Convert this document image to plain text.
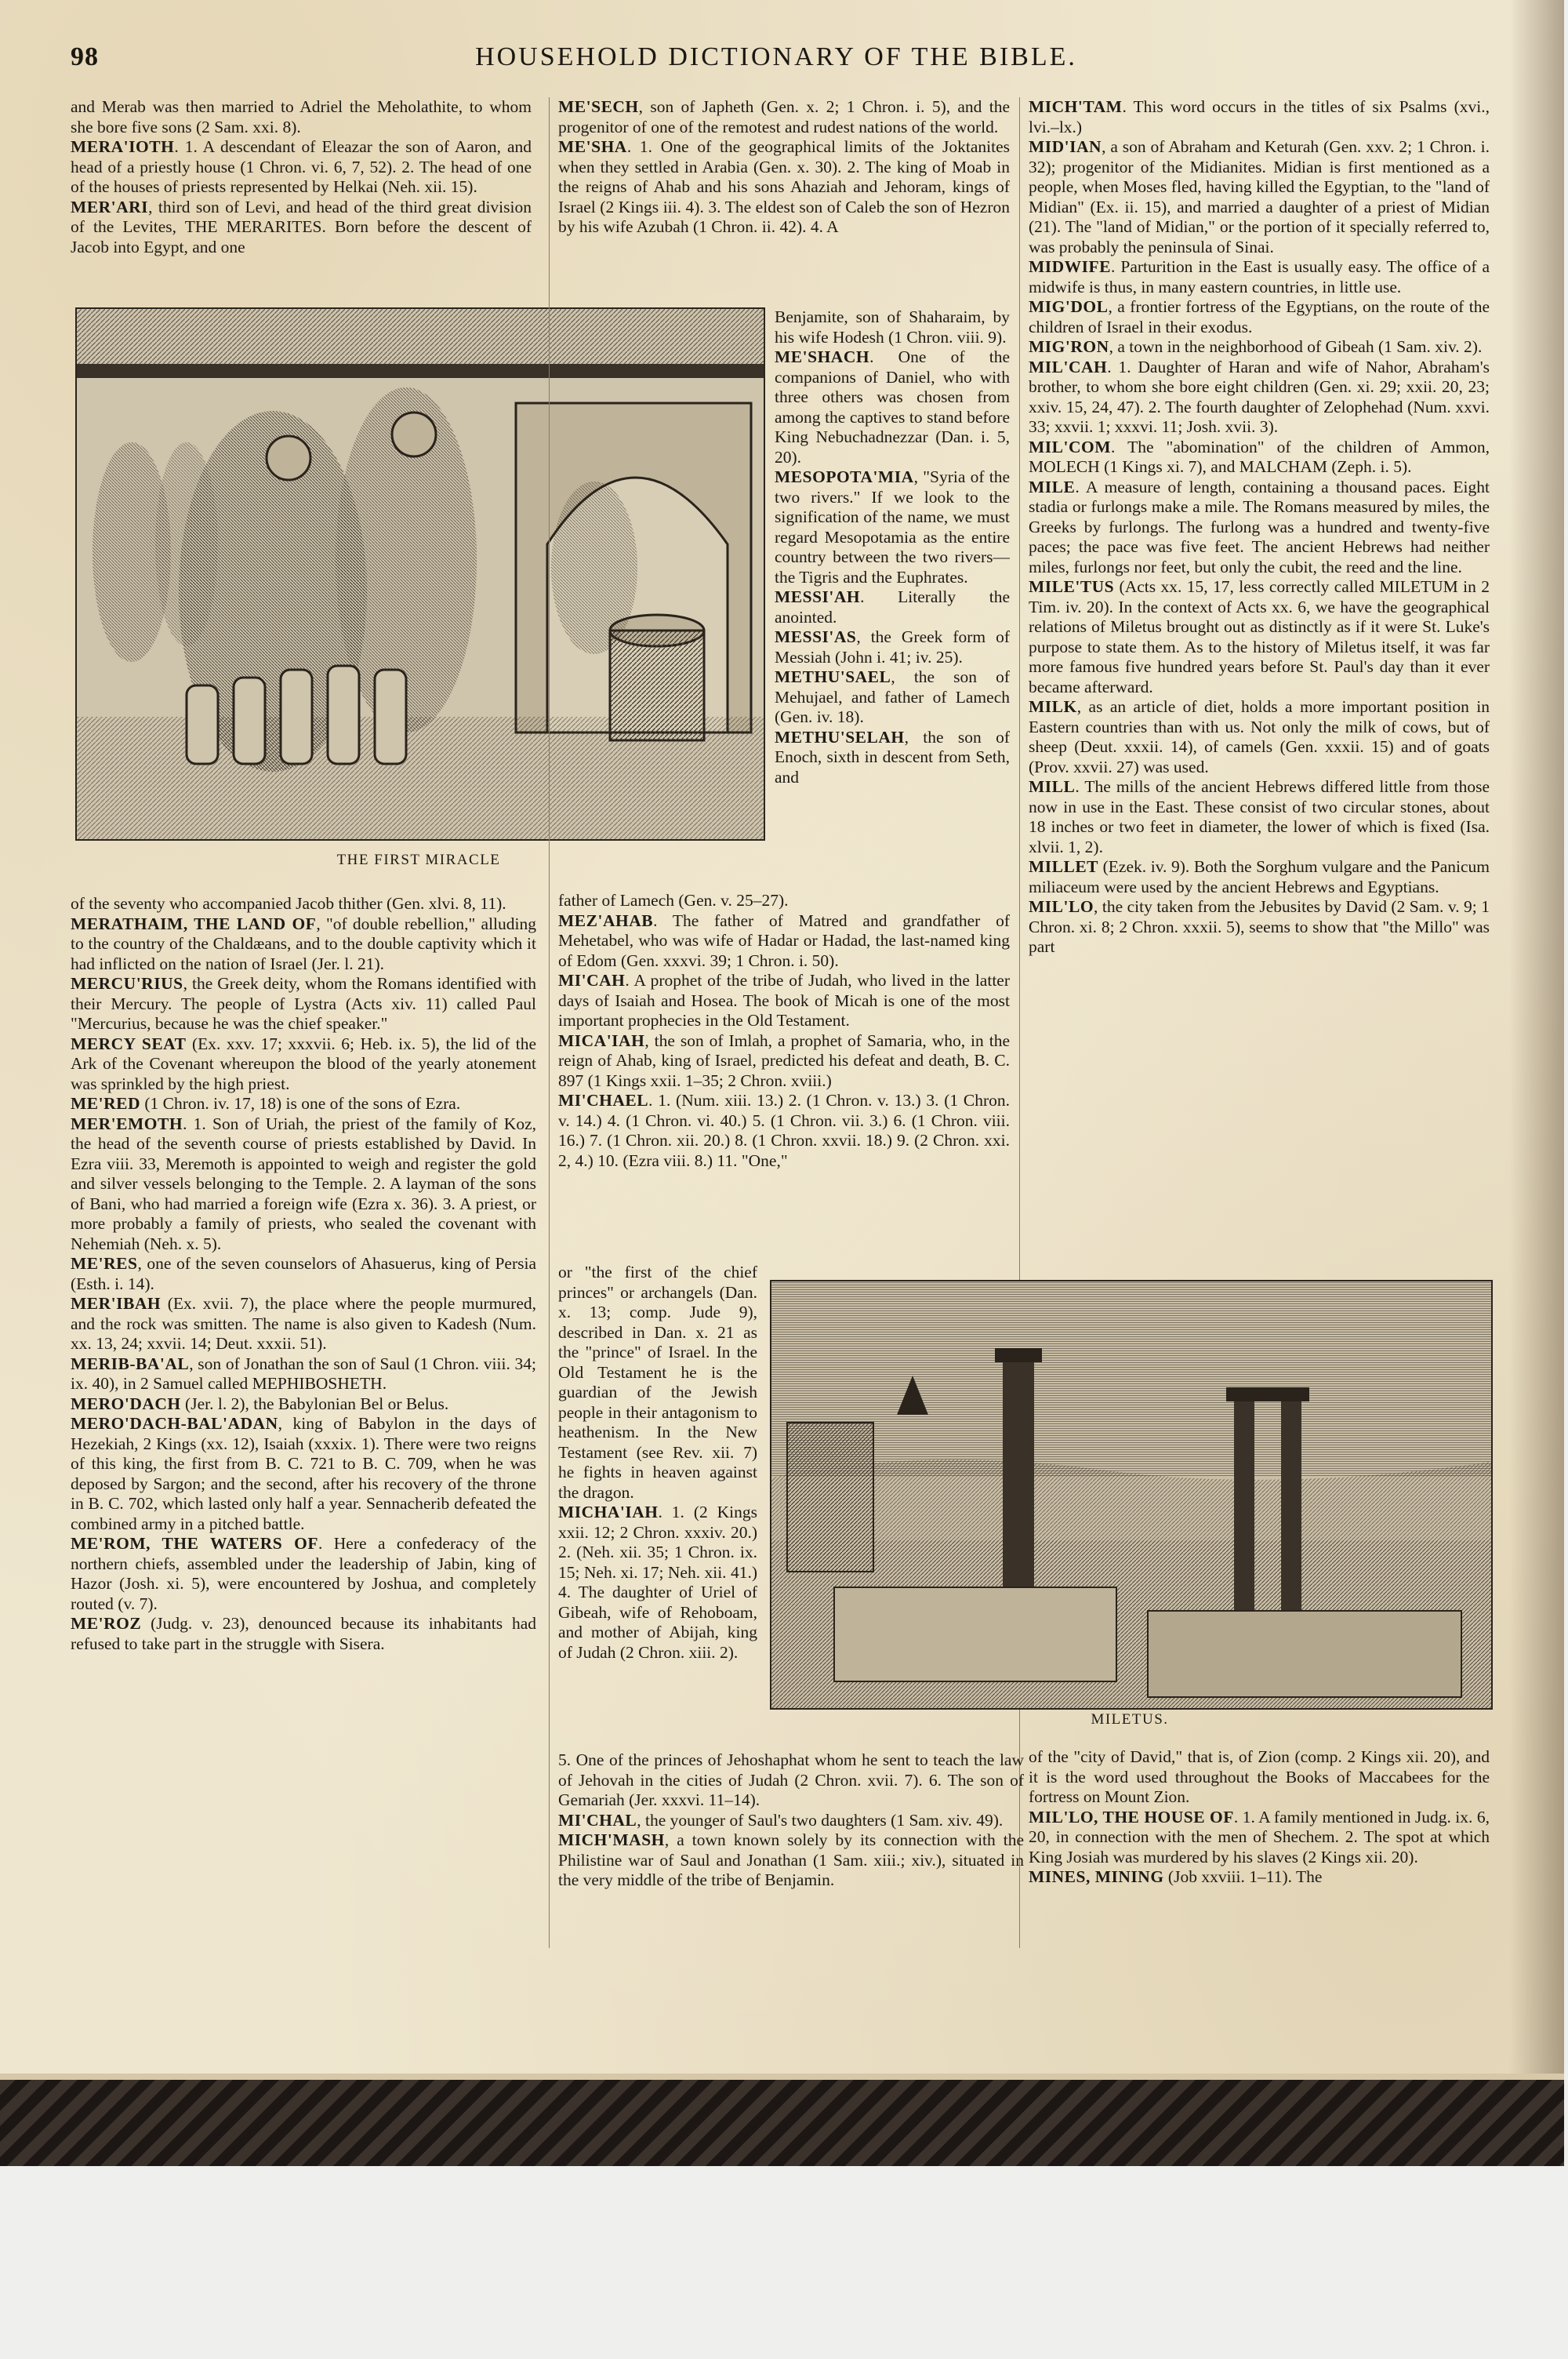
98	HOUSEHOLD DICTIONARY OF THE BIBLE.

and Merab was then married to Adriel the Meholathite, to whom she bore five sons (2 Sam. xxi. 8).

MERA'IOTH. 1. A descendant of Eleazar the son of Aaron, and head of a priestly house (1 Chron. vi. 6, 7, 52). 2. The head of one of the houses of priests represented by Helkai (Neh. xii. 15).

MER'ARI, third son of Levi, and head of the third great division of the Levites, THE MERARITES. Born before the descent of Jacob into Egypt, and one

THE FIRST MIRACLE

of the seventy who accompanied Jacob thither (Gen. xlvi. 8, 11).

MERATHAIM, THE LAND OF, "of double rebellion," alluding to the country of the Chaldæans, and to the double captivity which it had inflicted on the nation of Israel (Jer. l. 21).

MERCU'RIUS, the Greek deity, whom the Romans identified with their Mercury. The people of Lystra (Acts xiv. 11) called Paul "Mercurius, because he was the chief speaker."

MERCY SEAT (Ex. xxv. 17; xxxvii. 6; Heb. ix. 5), the lid of the Ark of the Covenant whereupon the blood of the yearly atonement was sprinkled by the high priest.

ME'RED (1 Chron. iv. 17, 18) is one of the sons of Ezra.

MER'EMOTH. 1. Son of Uriah, the priest of the family of Koz, the head of the seventh course of priests established by David. In Ezra viii. 33, Meremoth is appointed to weigh and register the gold and silver vessels belonging to the Temple. 2. A layman of the sons of Bani, who had married a foreign wife (Ezra x. 36). 3. A priest, or more probably a family of priests, who sealed the covenant with Nehemiah (Neh. x. 5).

ME'RES, one of the seven counselors of Ahasuerus, king of Persia (Esth. i. 14).

MER'IBAH (Ex. xvii. 7), the place where the people murmured, and the rock was smitten. The name is also given to Kadesh (Num. xx. 13, 24; xxvii. 14; Deut. xxxii. 51).

MERIB-BA'AL, son of Jonathan the son of Saul (1 Chron. viii. 34; ix. 40), in 2 Samuel called MEPHIBOSHETH.

MERO'DACH (Jer. l. 2), the Babylonian Bel or Belus.

MERO'DACH-BAL'ADAN, king of Babylon in the days of Hezekiah, 2 Kings (xx. 12), Isaiah (xxxix. 1). There were two reigns of this king, the first from B. C. 721 to B. C. 709, when he was deposed by Sargon; and the second, after his recovery of the throne in B. C. 702, which lasted only half a year. Sennacherib defeated the combined army in a pitched battle.

ME'ROM, THE WATERS OF. Here a confederacy of the northern chiefs, assembled under the leadership of Jabin, king of Hazor (Josh. xi. 5), were encountered by Joshua, and completely routed (v. 7).

ME'ROZ (Judg. v. 23), denounced because its inhabitants had refused to take part in the struggle with Sisera.

ME'SECH, son of Japheth (Gen. x. 2; 1 Chron. i. 5), and the progenitor of one of the remotest and rudest nations of the world.

ME'SHA. 1. One of the geographical limits of the Joktanites when they settled in Arabia (Gen. x. 30). 2. The king of Moab in the reigns of Ahab and his sons Ahaziah and Jehoram, kings of Israel (2 Kings iii. 4). 3. The eldest son of Caleb the son of Hezron by his wife Azubah (1 Chron. ii. 42). 4. A

Benjamite, son of Shaharaim, by his wife Hodesh (1 Chron. viii. 9).

ME'SHACH. One of the companions of Daniel, who with three others was chosen from among the captives to stand before King Nebuchadnezzar (Dan. i. 5, 20).

MESOPOTA'MIA, "Syria of the two rivers." If we look to the signification of the name, we must regard Mesopotamia as the entire country between the two rivers—the Tigris and the Euphrates.

MESSI'AH. Literally the anointed.

MESSI'AS, the Greek form of Messiah (John i. 41; iv. 25).

METHU'SAEL, the son of Mehujael, and father of Lamech (Gen. iv. 18).

METHU'SELAH, the son of Enoch, sixth in descent from Seth, and

father of Lamech (Gen. v. 25–27).

MEZ'AHAB. The father of Matred and grandfather of Mehetabel, who was wife of Hadar or Hadad, the last-named king of Edom (Gen. xxxvi. 39; 1 Chron. i. 50).

MI'CAH. A prophet of the tribe of Judah, who lived in the latter days of Isaiah and Hosea. The book of Micah is one of the most important prophecies in the Old Testament.

MICA'IAH, the son of Imlah, a prophet of Samaria, who, in the reign of Ahab, king of Israel, predicted his defeat and death, B. C. 897 (1 Kings xxii. 1–35; 2 Chron. xviii.)

MI'CHAEL. 1. (Num. xiii. 13.) 2. (1 Chron. v. 13.) 3. (1 Chron. v. 14.) 4. (1 Chron. vi. 40.) 5. (1 Chron. vii. 3.) 6. (1 Chron. viii. 16.) 7. (1 Chron. xii. 20.) 8. (1 Chron. xxvii. 18.) 9. (2 Chron. xxi. 2, 4.) 10. (Ezra viii. 8.) 11. "One,"

or "the first of the chief princes" or archangels (Dan. x. 13; comp. Jude 9), described in Dan. x. 21 as the "prince" of Israel. In the Old Testament he is the guardian of the Jewish people in their antagonism to heathenism. In the New Testament (see Rev. xii. 7) he fights in heaven against the dragon.

MICHA'IAH. 1. (2 Kings xxii. 12; 2 Chron. xxxiv. 20.) 2. (Neh. xii. 35; 1 Chron. ix. 15; Neh. xi. 17; Neh. xii. 41.) 4. The daughter of Uriel of Gibeah, wife of Rehoboam, and mother of Abijah, king of Judah (2 Chron. xiii. 2).

MILETUS.

5. One of the princes of Jehoshaphat whom he sent to teach the law of Jehovah in the cities of Judah (2 Chron. xvii. 7). 6. The son of Gemariah (Jer. xxxvi. 11–14).

MI'CHAL, the younger of Saul's two daughters (1 Sam. xiv. 49).

MICH'MASH, a town known solely by its connection with the Philistine war of Saul and Jonathan (1 Sam. xiii.; xiv.), situated in the very middle of the tribe of Benjamin.

MICH'TAM. This word occurs in the titles of six Psalms (xvi., lvi.–lx.)

MID'IAN, a son of Abraham and Keturah (Gen. xxv. 2; 1 Chron. i. 32); progenitor of the Midianites. Midian is first mentioned as a people, when Moses fled, having killed the Egyptian, to the "land of Midian" (Ex. ii. 15), and married a daughter of a priest of Midian (21). The "land of Midian," or the portion of it specially referred to, was probably the peninsula of Sinai.

MIDWIFE. Parturition in the East is usually easy. The office of a midwife is thus, in many eastern countries, in little use.

MIG'DOL, a frontier fortress of the Egyptians, on the route of the children of Israel in their exodus.

MIG'RON, a town in the neighborhood of Gibeah (1 Sam. xiv. 2).

MIL'CAH. 1. Daughter of Haran and wife of Nahor, Abraham's brother, to whom she bore eight children (Gen. xi. 29; xxii. 20, 23; xxiv. 15, 24, 47). 2. The fourth daughter of Zelophehad (Num. xxvi. 33; xxvii. 1; xxxvi. 11; Josh. xvii. 3).

MIL'COM. The "abomination" of the children of Ammon, MOLECH (1 Kings xi. 7), and MALCHAM (Zeph. i. 5).

MILE. A measure of length, containing a thousand paces. Eight stadia or furlongs make a mile. The Romans measured by miles, the Greeks by furlongs. The furlong was a hundred and twenty-five paces; the pace was five feet. The ancient Hebrews had neither miles, furlongs nor feet, but only the cubit, the reed and the line.

MILE'TUS (Acts xx. 15, 17, less correctly called MILETUM in 2 Tim. iv. 20). In the context of Acts xx. 6, we have the geographical relations of Miletus brought out as distinctly as if it were St. Luke's purpose to state them. As to the history of Miletus itself, it was far more famous five hundred years before St. Paul's day than it ever became afterward.

MILK, as an article of diet, holds a more important position in Eastern countries than with us. Not only the milk of cows, but of sheep (Deut. xxxii. 14), of camels (Gen. xxxii. 15) and of goats (Prov. xxvii. 27) was used.

MILL. The mills of the ancient Hebrews differed little from those now in use in the East. These consist of two circular stones, about 18 inches or two feet in diameter, the lower of which is fixed (Isa. xlvii. 1, 2).

MILLET (Ezek. iv. 9). Both the Sorghum vulgare and the Panicum miliaceum were used by the ancient Hebrews and Egyptians.

MIL'LO, the city taken from the Jebusites by David (2 Sam. v. 9; 1 Chron. xi. 8; 2 Chron. xxxii. 5), seems to show that "the Millo" was part

of the "city of David," that is, of Zion (comp. 2 Kings xii. 20), and it is the word used throughout the Books of Maccabees for the fortress on Mount Zion.

MIL'LO, THE HOUSE OF. 1. A family mentioned in Judg. ix. 6, 20, in connection with the men of Shechem. 2. The spot at which King Josiah was murdered by his slaves (2 Kings xii. 20).

MINES, MINING (Job xxviii. 1–11). The
